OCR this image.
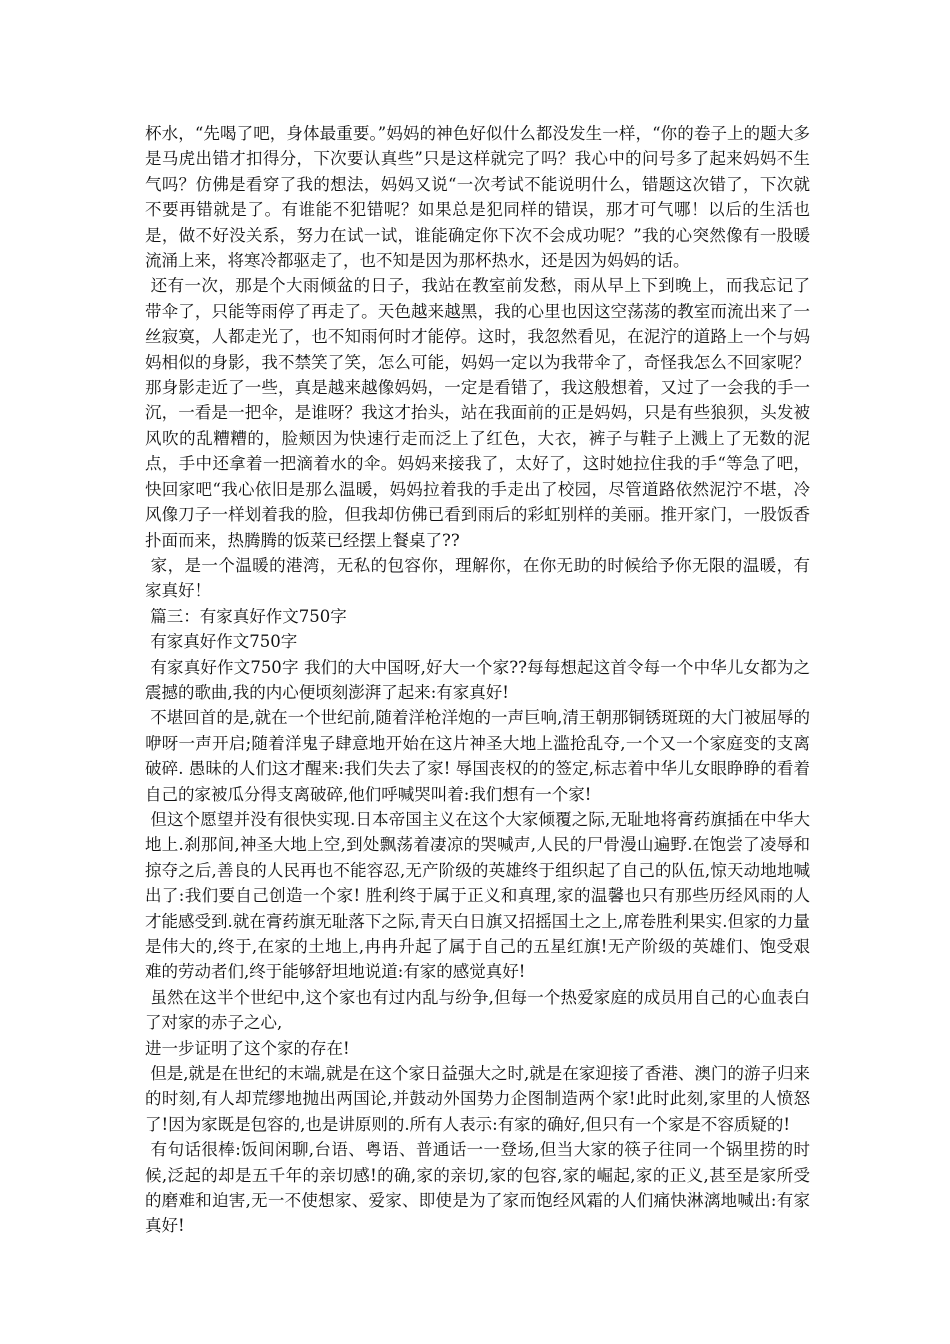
杯水，“先喝了吧，身体最重要。”妈妈的神色好似什么都没发生一样，“你的卷子上的题大多是马虎出错才扣得分，下次要认真些”只是这样就完了吗？我心中的问号多了起来妈妈不生气吗？仿佛是看穿了我的想法，妈妈又说“一次考试不能说明什么，错题这次错了，下次就不要再错就是了。有谁能不犯错呢？如果总是犯同样的错误，那才可气哪！以后的生活也是，做不好没关系，努力在试一试，谁能确定你下次不会成功呢？”我的心突然像有一股暖流涌上来，将寒冷都驱走了，也不知是因为那杯热水，还是因为妈妈的话。

还有一次，那是个大雨倾盆的日子，我站在教室前发愁，雨从早上下到晚上，而我忘记了带伞了，只能等雨停了再走了。天色越来越黑，我的心里也因这空荡荡的教室而流出来了一丝寂寞，人都走光了，也不知雨何时才能停。这时，我忽然看见，在泥泞的道路上一个与妈妈相似的身影，我不禁笑了笑，怎么可能，妈妈一定以为我带伞了，奇怪我怎么不回家呢？那身影走近了一些，真是越来越像妈妈，一定是看错了，我这般想着，又过了一会我的手一沉，一看是一把伞，是谁呀？我这才抬头，站在我面前的正是妈妈，只是有些狼狈，头发被风吹的乱糟糟的，脸颊因为快速行走而泛上了红色，大衣，裤子与鞋子上溅上了无数的泥点，手中还拿着一把滴着水的伞。妈妈来接我了，太好了，这时她拉住我的手“等急了吧，快回家吧“我心依旧是那么温暖，妈妈拉着我的手走出了校园，尽管道路依然泥泞不堪，冷风像刀子一样划着我的脸，但我却仿佛已看到雨后的彩虹别样的美丽。推开家门，一股饭香扑面而来，热腾腾的饭菜已经摆上餐桌了??

家，是一个温暖的港湾，无私的包容你，理解你，在你无助的时候给予你无限的温暖，有家真好！

篇三：有家真好作文750字

有家真好作文750字

有家真好作文750字 我们的大中国呀,好大一个家??每每想起这首令每一个中华儿女都为之震撼的歌曲,我的内心便顷刻澎湃了起来:有家真好!

不堪回首的是,就在一个世纪前,随着洋枪洋炮的一声巨响,清王朝那铜锈斑斑的大门被屈辱的咿呀一声开启;随着洋鬼子肆意地开始在这片神圣大地上滥抢乱夺,一个又一个家庭变的支离破碎. 愚昧的人们这才醒来:我们失去了家! 辱国丧权的的签定,标志着中华儿女眼睁睁的看着自己的家被瓜分得支离破碎,他们呼喊哭叫着:我们想有一个家!

但这个愿望并没有很快实现.日本帝国主义在这个大家倾覆之际,无耻地将膏药旗插在中华大地上.刹那间,神圣大地上空,到处飘荡着凄凉的哭喊声,人民的尸骨漫山遍野.在饱尝了凌辱和掠夺之后,善良的人民再也不能容忍,无产阶级的英雄终于组织起了自己的队伍,惊天动地地喊出了:我们要自己创造一个家! 胜利终于属于正义和真理,家的温馨也只有那些历经风雨的人才能感受到.就在膏药旗无耻落下之际,青天白日旗又招摇国土之上,席卷胜利果实.但家的力量是伟大的,终于,在家的土地上,冉冉升起了属于自己的五星红旗!无产阶级的英雄们、饱受艰难的劳动者们,终于能够舒坦地说道:有家的感觉真好!

虽然在这半个世纪中,这个家也有过内乱与纷争,但每一个热爱家庭的成员用自己的心血表白了对家的赤子之心,

进一步证明了这个家的存在!

但是,就是在世纪的末端,就是在这个家日益强大之时,就是在家迎接了香港、澳门的游子归来的时刻,有人却荒缪地抛出两国论,并鼓动外国势力企图制造两个家!此时此刻,家里的人愤怒了!因为家既是包容的,也是讲原则的.所有人表示:有家的确好,但只有一个家是不容质疑的!

有句话很棒:饭间闲聊,台语、粤语、普通话一一登场,但当大家的筷子往同一个锅里捞的时候,泛起的却是五千年的亲切感!的确,家的亲切,家的包容,家的崛起,家的正义,甚至是家所受的磨难和迫害,无一不使想家、爱家、即使是为了家而饱经风霜的人们痛快淋漓地喊出:有家真好!
